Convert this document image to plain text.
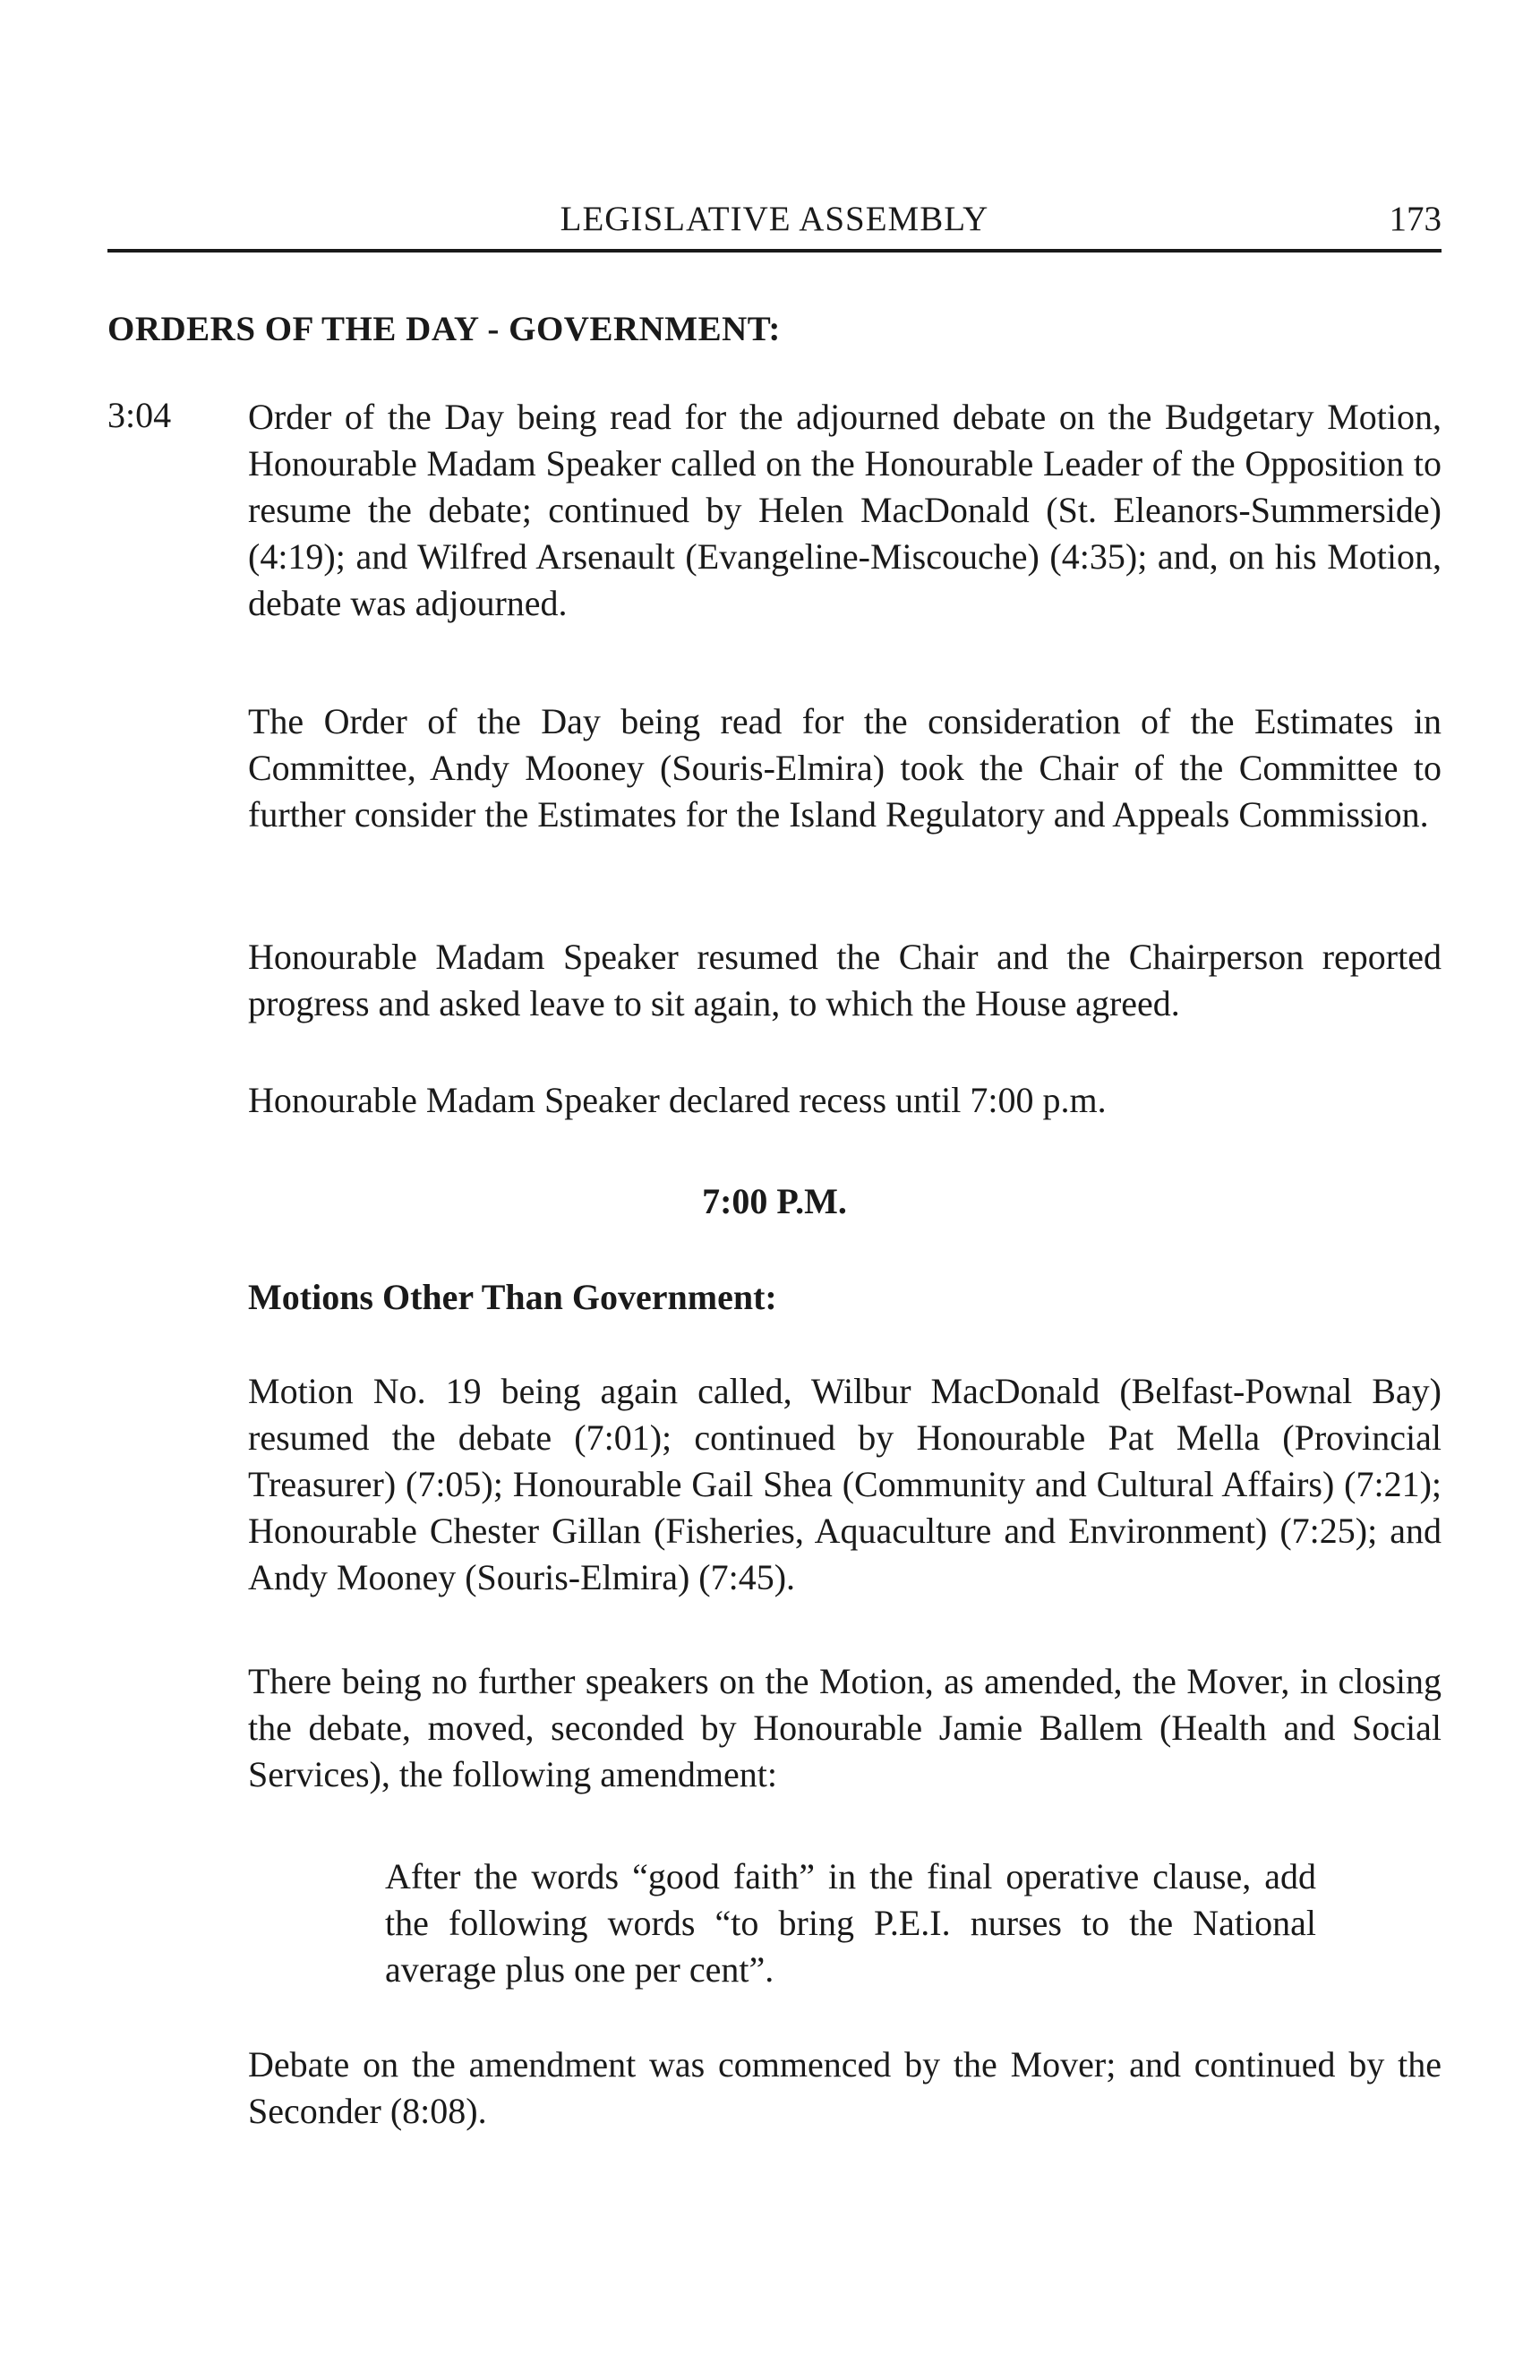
LEGISLATIVE ASSEMBLY	173
ORDERS OF THE DAY - GOVERNMENT:
3:04 Order of the Day being read for the adjourned debate on the Budgetary Motion, Honourable Madam Speaker called on the Honourable Leader of the Opposition to resume the debate; continued by Helen MacDonald (St. Eleanors-Summerside) (4:19); and Wilfred Arsenault (Evangeline-Miscouche) (4:35); and, on his Motion, debate was adjourned.

The Order of the Day being read for the consideration of the Estimates in Committee, Andy Mooney (Souris-Elmira) took the Chair of the Committee to further consider the Estimates for the Island Regulatory and Appeals Commission.

Honourable Madam Speaker resumed the Chair and the Chairperson reported progress and asked leave to sit again, to which the House agreed.

Honourable Madam Speaker declared recess until 7:00 p.m.

7:00 P.M.
Motions Other Than Government:

Motion No. 19 being again called, Wilbur MacDonald (Belfast-Pownal Bay) resumed the debate (7:01); continued by Honourable Pat Mella (Provincial Treasurer) (7:05); Honourable Gail Shea (Community and Cultural Affairs) (7:21); Honourable Chester Gillan (Fisheries, Aquaculture and Environment) (7:25); and Andy Mooney (Souris-Elmira) (7:45).

There being no further speakers on the Motion, as amended, the Mover, in closing the debate, moved, seconded by Honourable Jamie Ballem (Health and Social Services), the following amendment:

After the words “good faith” in the final operative clause, add the following words “to bring P.E.I. nurses to the National average plus one per cent”.

Debate on the amendment was commenced by the Mover; and continued by the Seconder (8:08).
